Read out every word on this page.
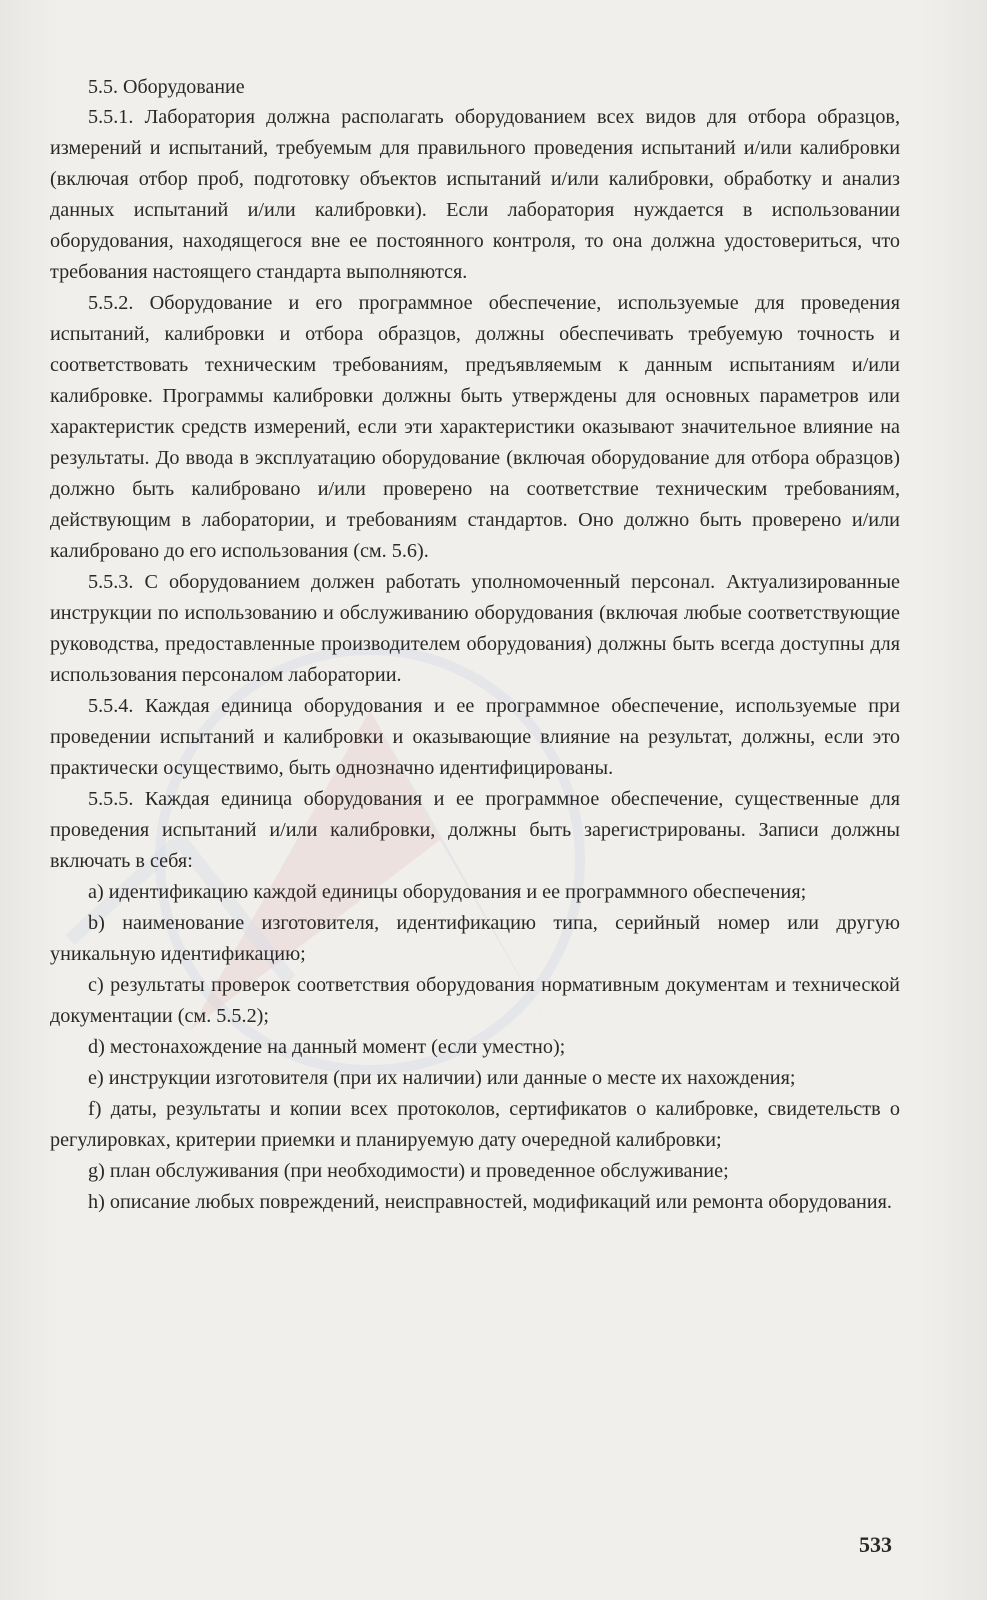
5.5. Оборудование

5.5.1. Лаборатория должна располагать оборудованием всех видов для отбора образцов, измерений и испытаний, требуемым для правильного проведения испытаний и/или калибровки (включая отбор проб, подготовку объектов испытаний и/или калибровки, обработку и анализ данных испытаний и/или калибровки). Если лаборатория нуждается в использовании оборудования, находящегося вне ее постоянного контроля, то она должна удостовериться, что требования настоящего стандарта выполняются.

5.5.2. Оборудование и его программное обеспечение, используемые для проведения испытаний, калибровки и отбора образцов, должны обеспечивать требуемую точность и соответствовать техническим требованиям, предъявляемым к данным испытаниям и/или калибровке. Программы калибровки должны быть утверждены для основных параметров или характеристик средств измерений, если эти характеристики оказывают значительное влияние на результаты. До ввода в эксплуатацию оборудование (включая оборудование для отбора образцов) должно быть калибровано и/или проверено на соответствие техническим требованиям, действующим в лаборатории, и требованиям стандартов. Оно должно быть проверено и/или калибровано до его использования (см. 5.6).

5.5.3. С оборудованием должен работать уполномоченный персонал. Актуализированные инструкции по использованию и обслуживанию оборудования (включая любые соответствующие руководства, предоставленные производителем оборудования) должны быть всегда доступны для использования персоналом лаборатории.

5.5.4. Каждая единица оборудования и ее программное обеспечение, используемые при проведении испытаний и калибровки и оказывающие влияние на результат, должны, если это практически осуществимо, быть однозначно идентифицированы.

5.5.5. Каждая единица оборудования и ее программное обеспечение, существенные для проведения испытаний и/или калибровки, должны быть зарегистрированы. Записи должны включать в себя:

a) идентификацию каждой единицы оборудования и ее программного обеспечения;

b) наименование изготовителя, идентификацию типа, серийный номер или другую уникальную идентификацию;

c) результаты проверок соответствия оборудования нормативным документам и технической документации (см. 5.5.2);

d) местонахождение на данный момент (если уместно);

e) инструкции изготовителя (при их наличии) или данные о месте их нахождения;

f) даты, результаты и копии всех протоколов, сертификатов о калибровке, свидетельств о регулировках, критерии приемки и планируемую дату очередной калибровки;

g) план обслуживания (при необходимости) и проведенное обслуживание;

h) описание любых повреждений, неисправностей, модификаций или ремонта оборудования.

533
